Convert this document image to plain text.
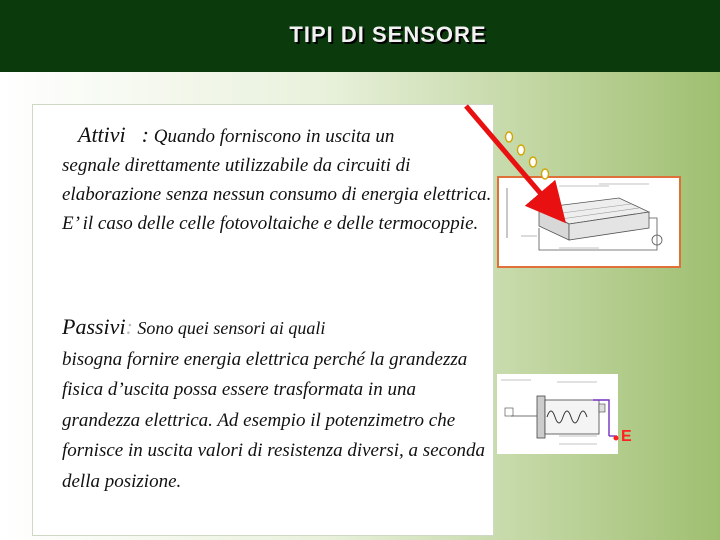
TIPI DI SENSORE
Attivi : Quando forniscono in uscita un
segnale direttamente utilizzabile da circuiti di elaborazione senza nessun consumo di energia elettrica. E’ il caso delle celle fotovoltaiche e delle termocoppie.
Passivi: Sono quei sensori ai quali
bisogna fornire energia elettrica perché la grandezza fisica d’uscita possa essere trasformata in una grandezza elettrica. Ad esempio il potenzimetro che fornisce in uscita valori di resistenza diversi, a seconda della posizione.
E
